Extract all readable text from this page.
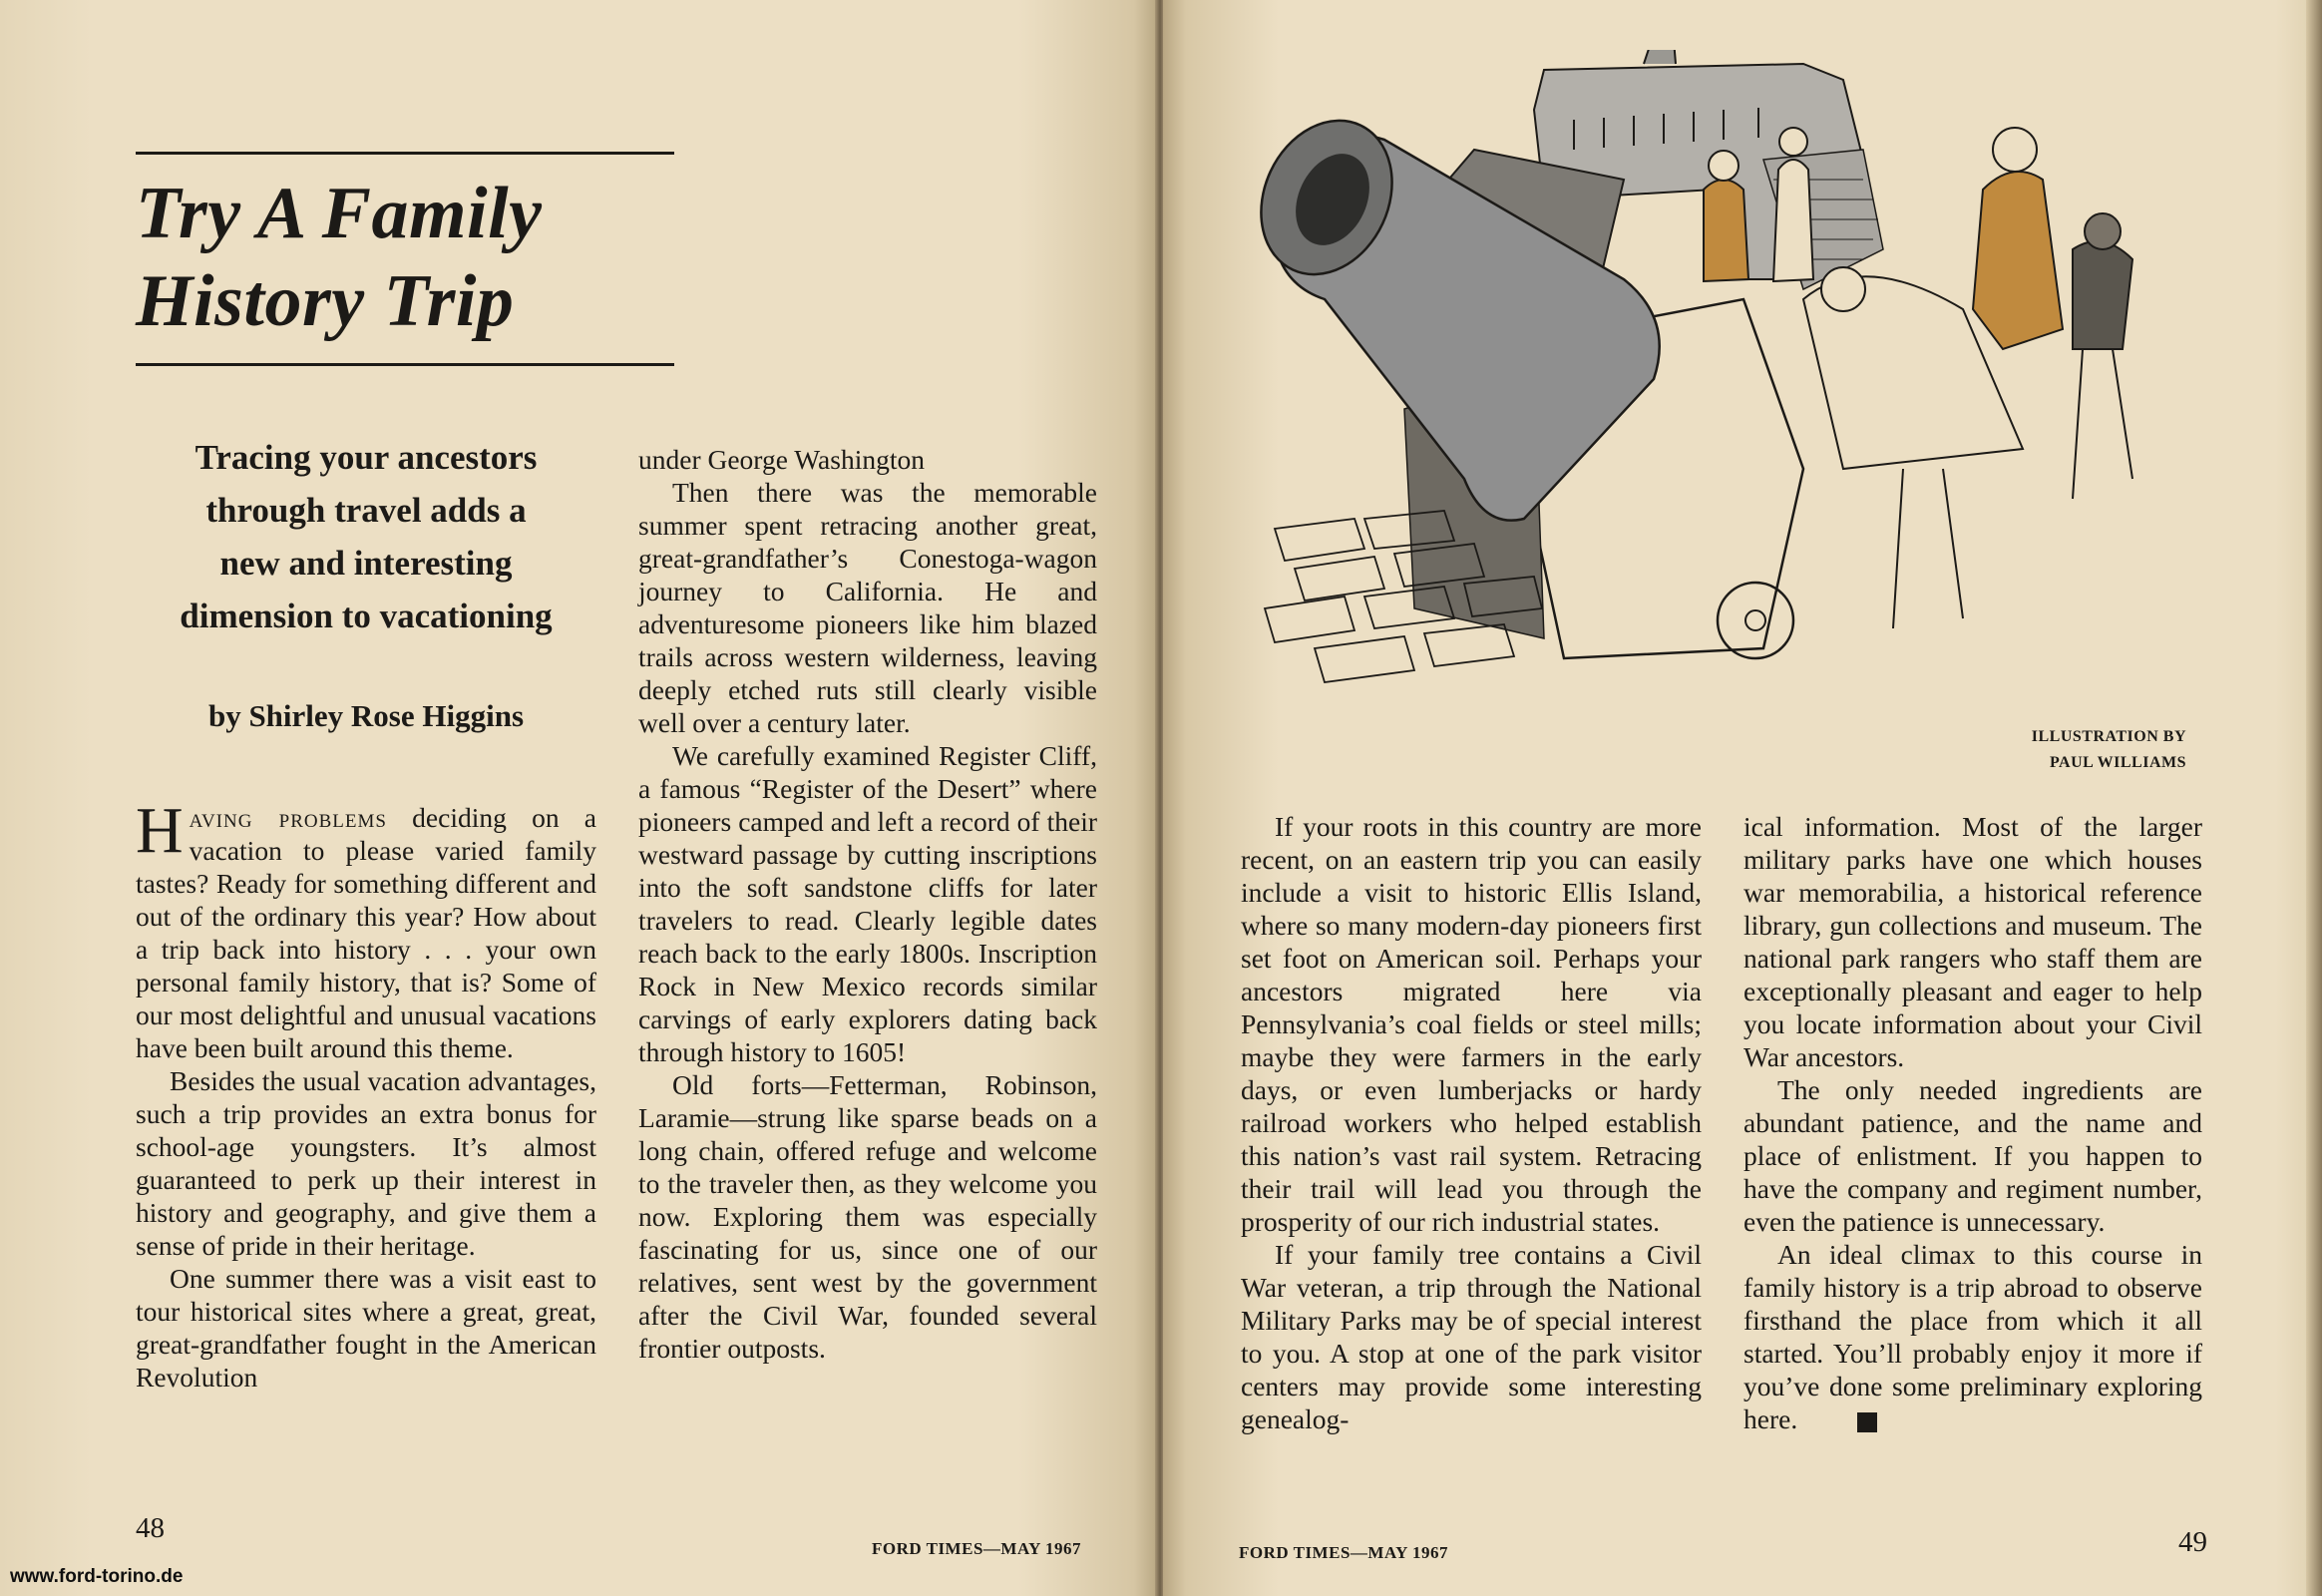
Try A Family
History Trip
Tracing your ancestors
through travel adds a
new and interesting
dimension to vacationing
by Shirley Rose Higgins

Having problems deciding on a vacation to please varied family tastes? Ready for something different and out of the ordinary this year? How about a trip back into history . . . your own personal family history, that is? Some of our most delightful and unusual vacations have been built around this theme.

Besides the usual vacation advantages, such a trip provides an extra bonus for school-age youngsters. It’s almost guaranteed to perk up their interest in history and geography, and give them a sense of pride in their heritage.

One summer there was a visit east to tour historical sites where a great, great, great-grandfather fought in the American Revolution

under George Washington

Then there was the memorable summer spent retracing another great, great-grandfather’s Conestoga-wagon journey to California. He and adventuresome pioneers like him blazed trails across western wilderness, leaving deeply etched ruts still clearly visible well over a century later.

We carefully examined Register Cliff, a famous “Register of the Desert” where pioneers camped and left a record of their westward passage by cutting inscriptions into the soft sandstone cliffs for later travelers to read. Clearly legible dates reach back to the early 1800s. Inscription Rock in New Mexico records similar carvings of early explorers dating back through history to 1605!

Old forts—Fetterman, Robinson, Laramie—strung like sparse beads on a long chain, offered refuge and welcome to the traveler then, as they welcome you now. Exploring them was especially fascinating for us, since one of our relatives, sent west by the government after the Civil War, founded several frontier outposts.

48
FORD TIMES—MAY 1967
ILLUSTRATION BY
PAUL WILLIAMS

If your roots in this country are more recent, on an eastern trip you can easily include a visit to historic Ellis Island, where so many modern-day pioneers first set foot on American soil. Perhaps your ancestors migrated here via Pennsylvania’s coal fields or steel mills; maybe they were farmers in the early days, or even lumberjacks or hardy railroad workers who helped establish this nation’s vast rail system. Retracing their trail will lead you through the prosperity of our rich industrial states.

If your family tree contains a Civil War veteran, a trip through the National Military Parks may be of special interest to you. A stop at one of the park visitor centers may provide some interesting genealog-

ical information. Most of the larger military parks have one which houses war memorabilia, a historical reference library, gun collections and museum. The national park rangers who staff them are exceptionally pleasant and eager to help you locate information about your Civil War ancestors.

The only needed ingredients are abundant patience, and the name and place of enlistment. If you happen to have the company and regiment number, even the patience is unnecessary.

An ideal climax to this course in family history is a trip abroad to observe firsthand the place from which it all started. You’ll probably enjoy it more if you’ve done some preliminary exploring here.

FORD TIMES—MAY 1967	49
www.ford-torino.de
